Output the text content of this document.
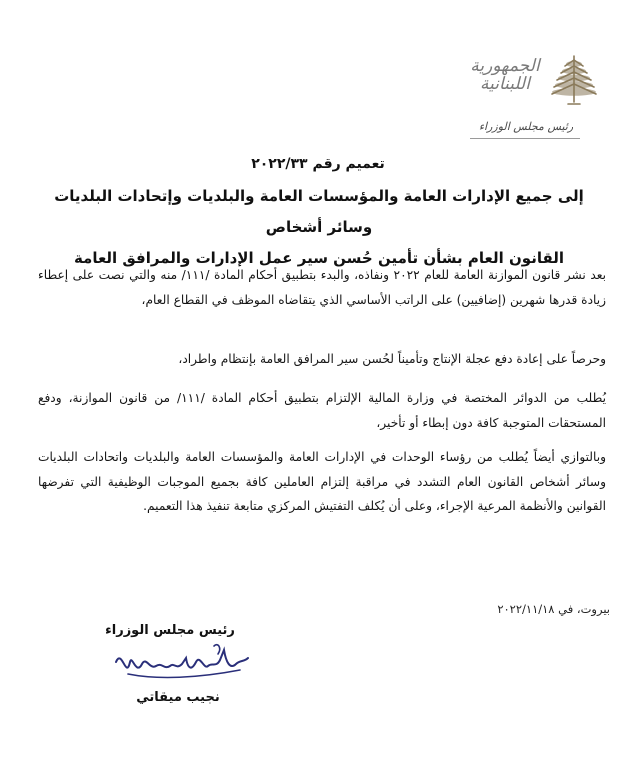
الجمهورية
اللبنانية
رئيس مجلس الوزراء
تعميم رقم ٢٠٢٢/٣٣
إلى جميع الإدارات العامة والمؤسسات العامة والبلديات وإتحادات البلديات وسائر أشخاص
القانون العام بشأن تأمين حُسن سير عمل الإدارات والمرافق العامة

بعد نشر قانون الموازنة العامة للعام ٢٠٢٢ ونفاذه، والبدء بتطبيق أحكام المادة /١١١/ منه والتي نصت على إعطاء زيادة قدرها شهرين (إضافيين) على الراتب الأساسي الذي يتقاضاه الموظف في القطاع العام،

وحرصاً على إعادة دفع عجلة الإنتاج وتأميناً لحُسن سير المرافق العامة بإنتظام واطراد،

يُطلب من الدوائر المختصة في وزارة المالية الإلتزام بتطبيق أحكام المادة /١١١/ من قانون الموازنة، ودفع المستحقات المتوجبة كافة دون إبطاء أو تأخير،

وبالتوازي أيضاً يُطلب من رؤساء الوحدات في الإدارات العامة والمؤسسات العامة والبلديات واتحادات البلديات وسائر أشخاص القانون العام التشدد في مراقبة إلتزام العاملين كافة بجميع الموجبات الوظيفية التي تفرضها القوانين والأنظمة المرعية الإجراء، وعلى أن يُكلف التفتيش المركزي متابعة تنفيذ هذا التعميم.

بيروت، في ٢٠٢٢/١١/١٨
رئيس مجلس الوزراء
نجيب ميقاتي
